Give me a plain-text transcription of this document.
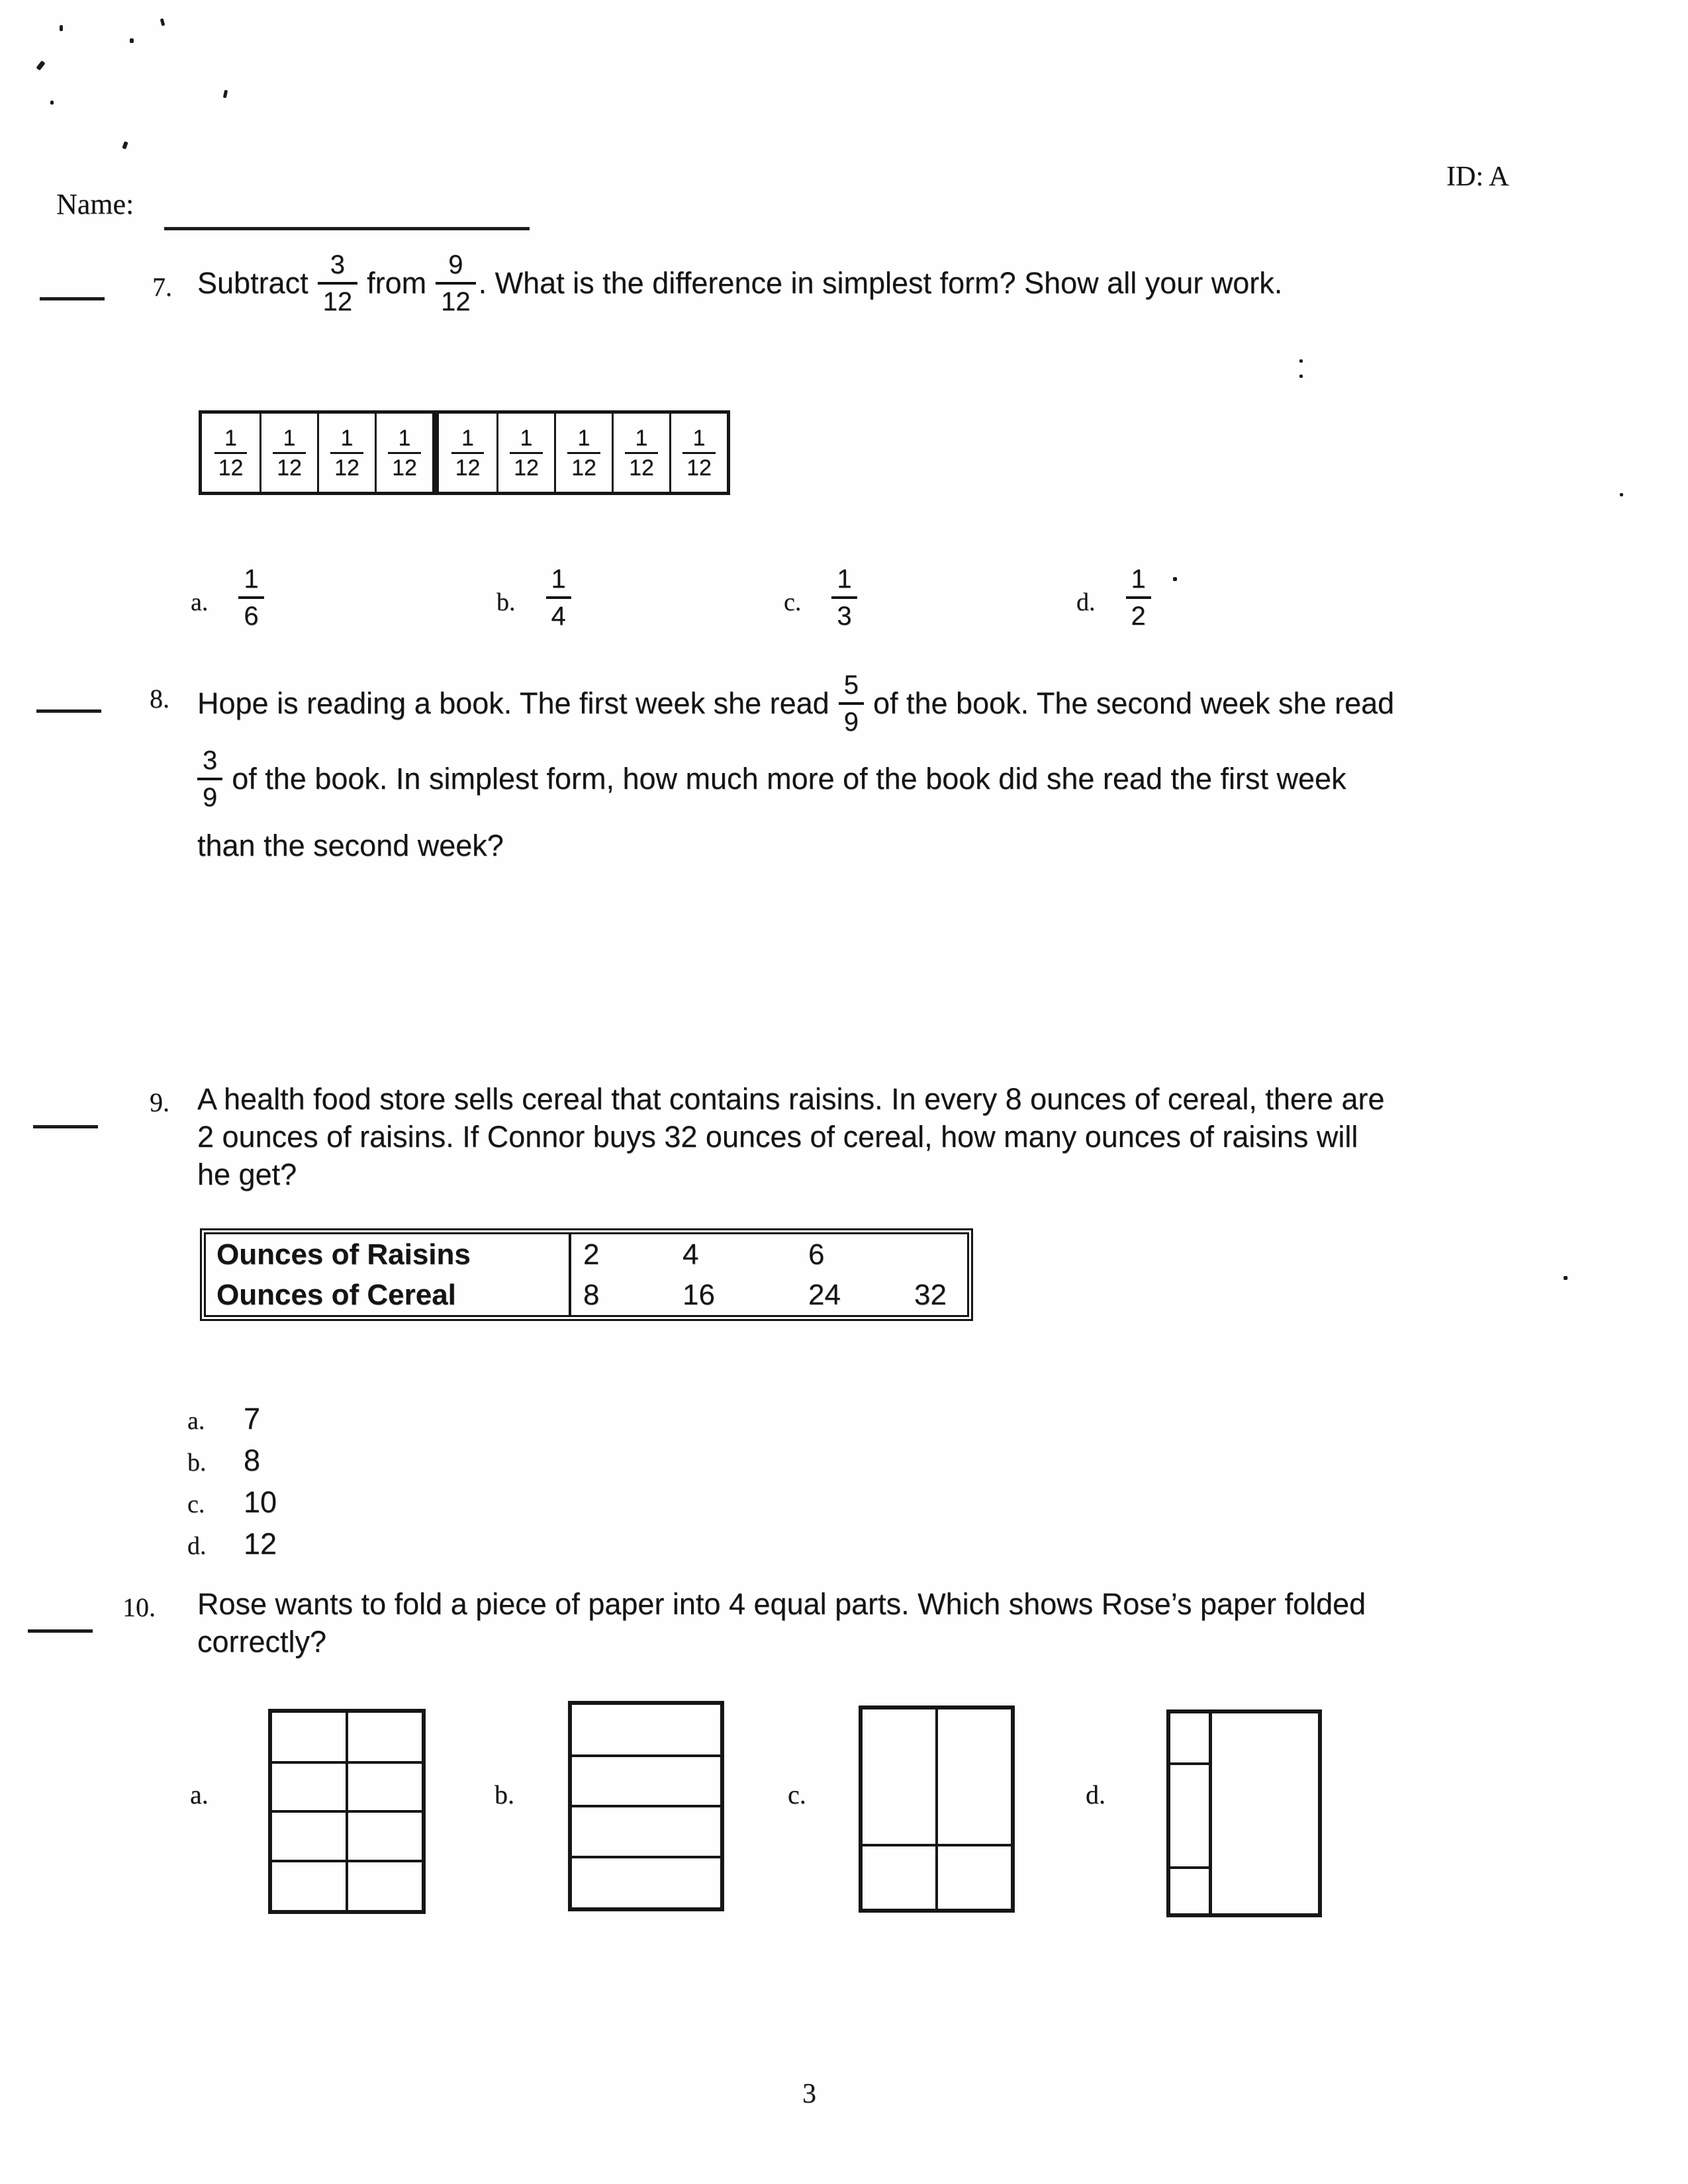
Name:
ID: A
7. Subtract $\frac{3}{12}$ from $\frac{9}{12}$ . What is the difference in simplest form? Show all your work.
1
12
1
12
1
12
1
12
1
12
1
12
1
12
1
12
1
12
a. $\frac{1}{6}$	b. $\frac{1}{4}$	c. $\frac{1}{3}$	d. $\frac{1}{2}$
8. Hope is reading a book. The first week she read $\frac{5}{9}$ of the book. The second week she read
$\frac{3}{9}$ of the book. In simplest form, how much more of the book did she read the first week
than the second week?
9. A health food store sells cereal that contains raisins. In every 8 ounces of cereal, there are
2 ounces of raisins. If Connor buys 32 ounces of cereal, how many ounces of raisins will
he get?
Ounces of Raisins	2	4	6
Ounces of Cereal	8	16	24	32
a. 7
b. 8
c. 10
d. 12
10. Rose wants to fold a piece of paper into 4 equal parts. Which shows Rose’s paper folded
correctly?
a.	b.	c.	d.
3
